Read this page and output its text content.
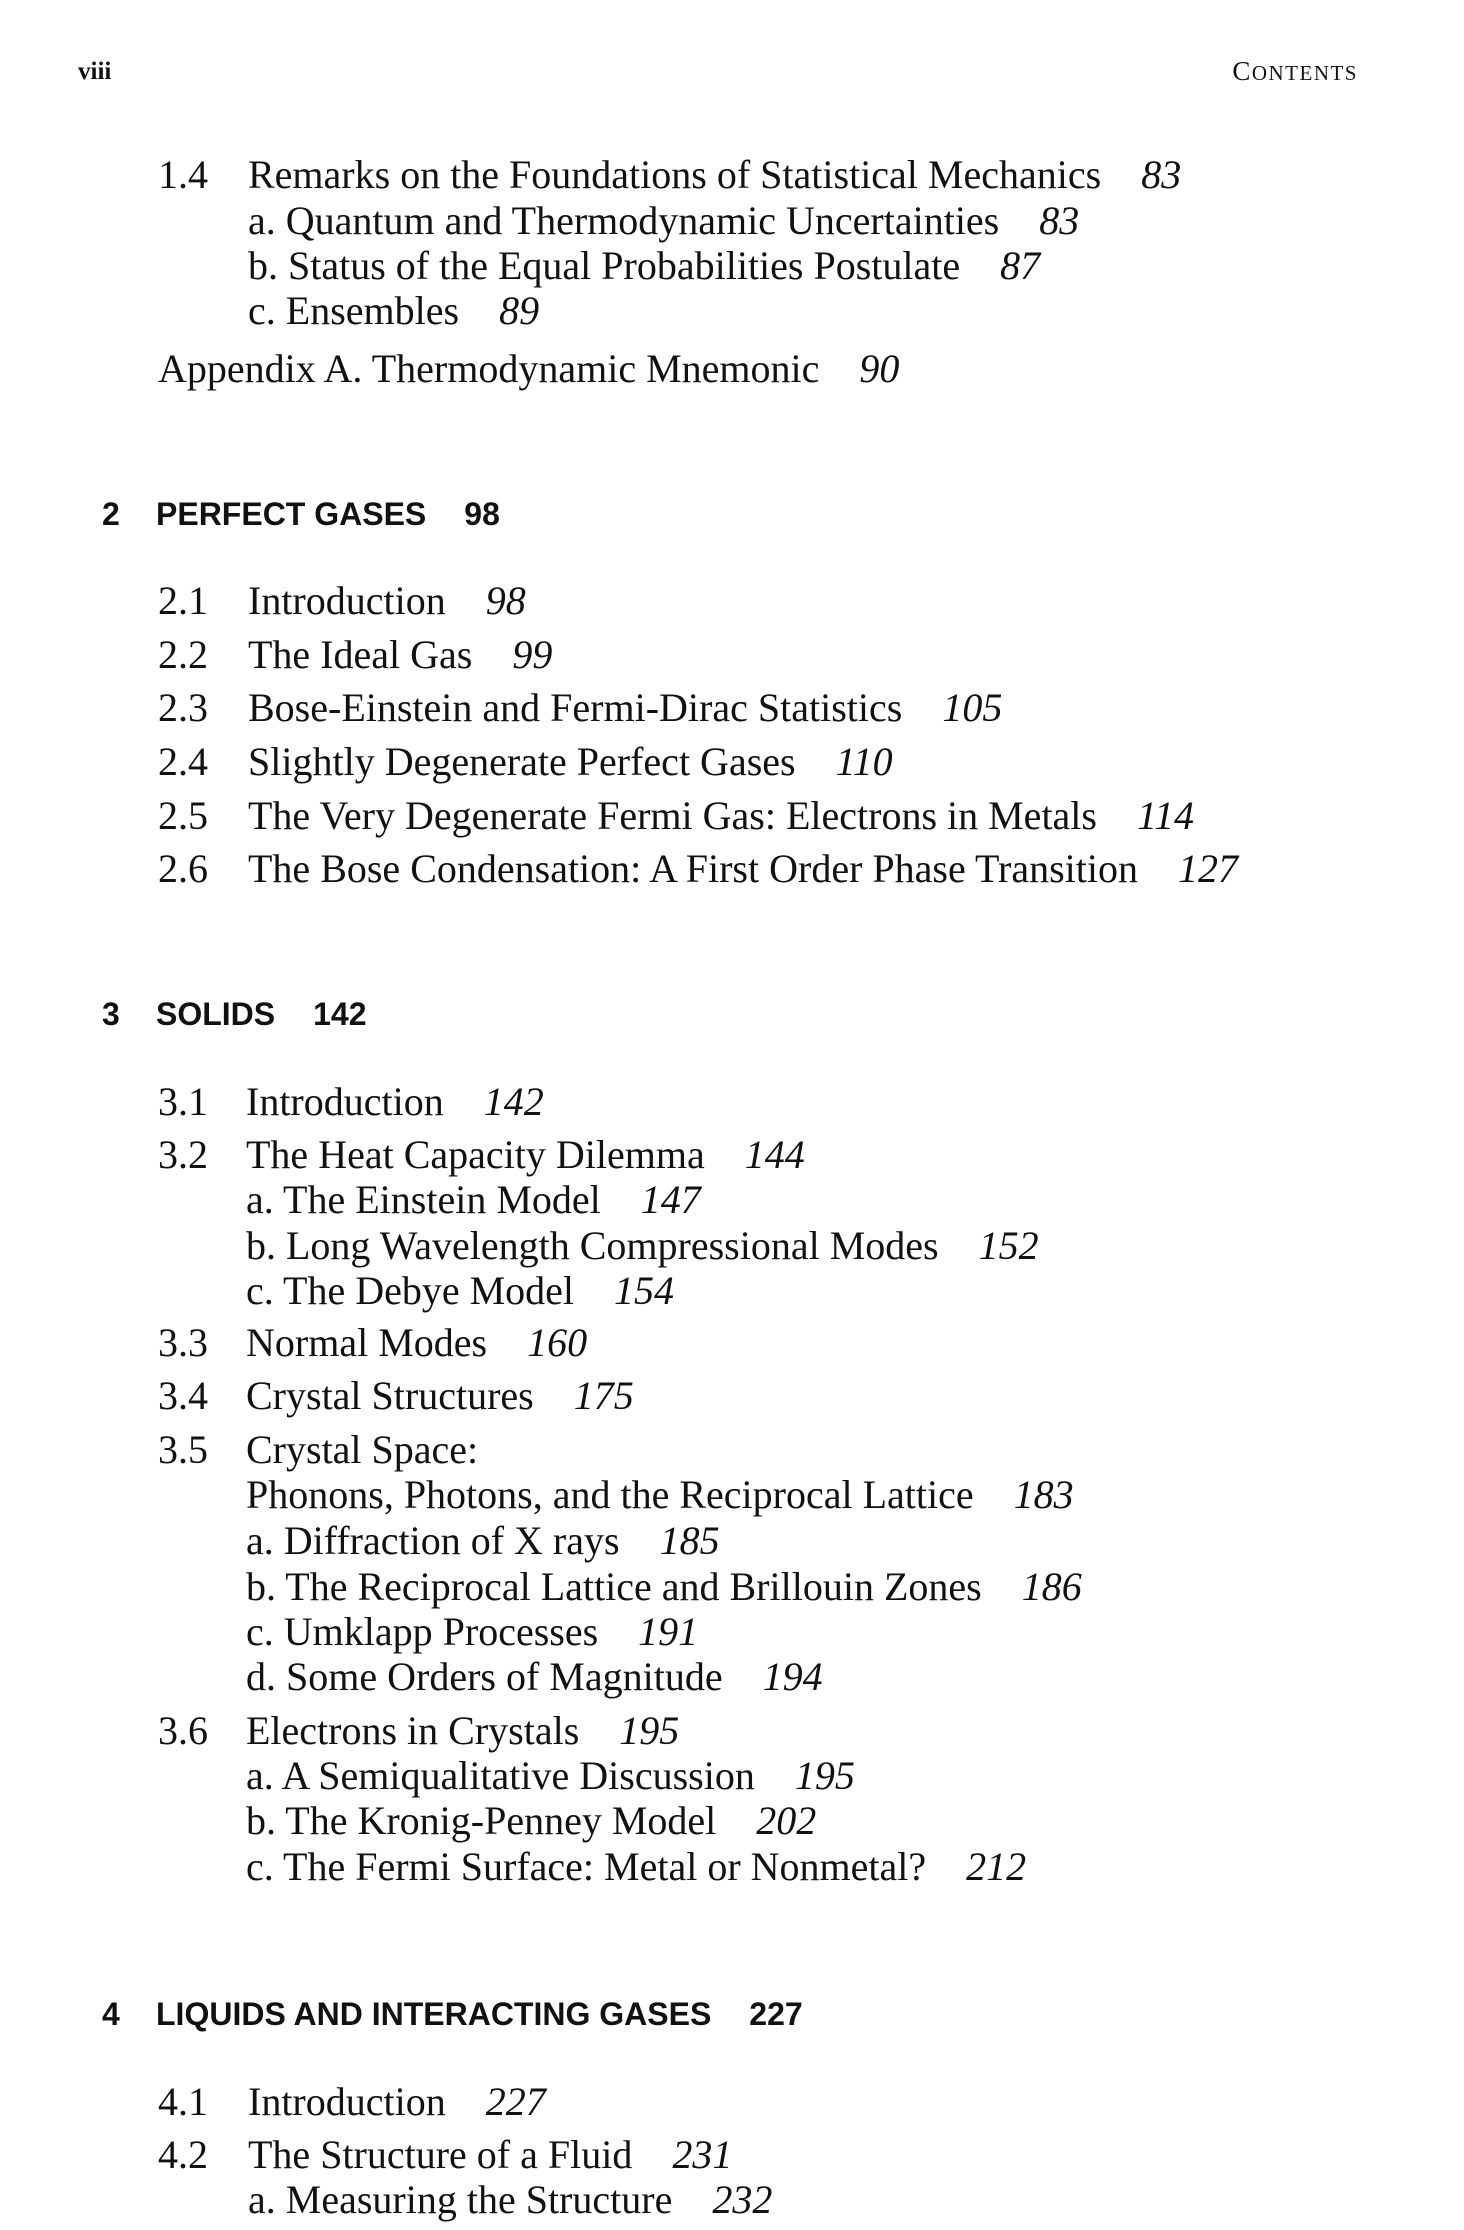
viii	CONTENTS
1.4 Remarks on the Foundations of Statistical Mechanics 83
a. Quantum and Thermodynamic Uncertainties 83
b. Status of the Equal Probabilities Postulate 87
c. Ensembles 89
Appendix A. Thermodynamic Mnemonic 90
2 PERFECT GASES 98
2.1 Introduction 98
2.2 The Ideal Gas 99
2.3 Bose-Einstein and Fermi-Dirac Statistics 105
2.4 Slightly Degenerate Perfect Gases 110
2.5 The Very Degenerate Fermi Gas: Electrons in Metals 114
2.6 The Bose Condensation: A First Order Phase Transition 127
3 SOLIDS 142
3.1 Introduction 142
3.2 The Heat Capacity Dilemma 144
a. The Einstein Model 147
b. Long Wavelength Compressional Modes 152
c. The Debye Model 154
3.3 Normal Modes 160
3.4 Crystal Structures 175
3.5 Crystal Space:
Phonons, Photons, and the Reciprocal Lattice 183
a. Diffraction of X rays 185
b. The Reciprocal Lattice and Brillouin Zones 186
c. Umklapp Processes 191
d. Some Orders of Magnitude 194
3.6 Electrons in Crystals 195
a. A Semiqualitative Discussion 195
b. The Kronig-Penney Model 202
c. The Fermi Surface: Metal or Nonmetal? 212
4 LIQUIDS AND INTERACTING GASES 227
4.1 Introduction 227
4.2 The Structure of a Fluid 231
a. Measuring the Structure 232
